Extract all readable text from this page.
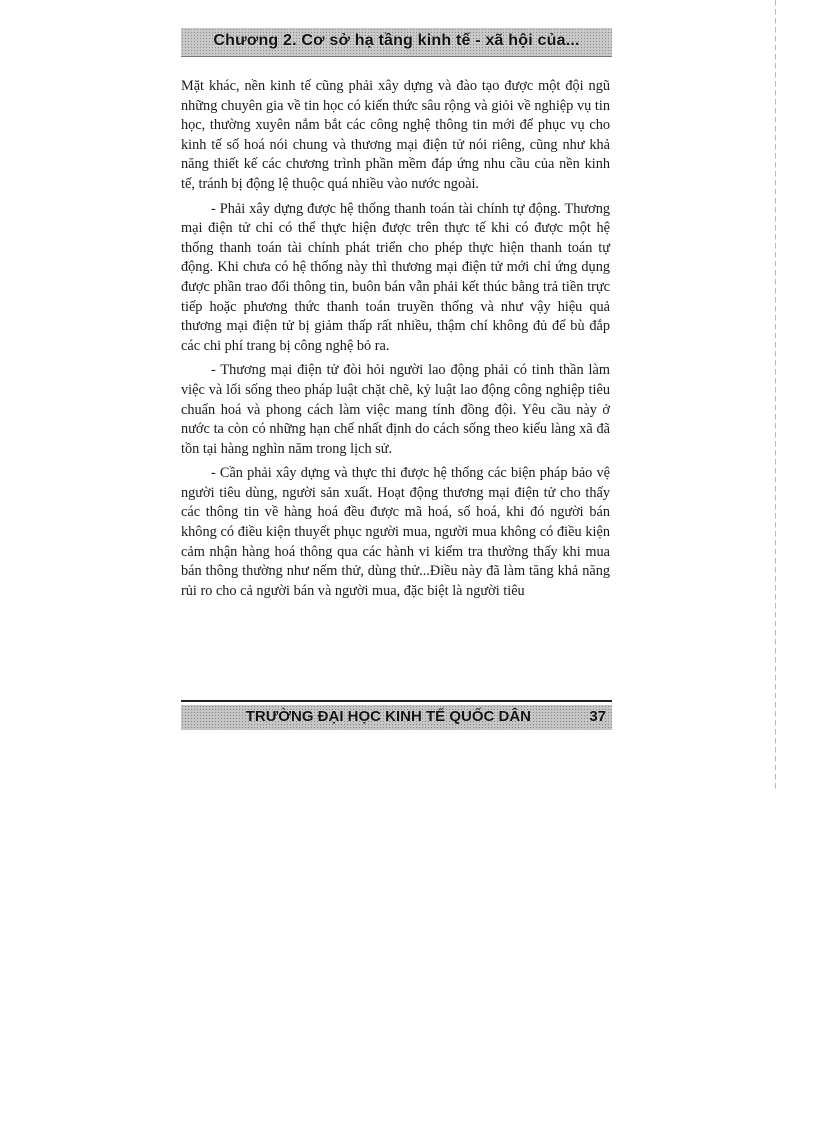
Chương 2. Cơ sở hạ tầng kinh tế - xã hội của...

Mặt khác, nền kinh tế cũng phải xây dựng và đào tạo được một đội ngũ những chuyên gia về tin học có kiến thức sâu rộng và giỏi về nghiệp vụ tin học, thường xuyên nắm bắt các công nghệ thông tin mới để phục vụ cho kinh tế số hoá nói chung và thương mại điện tử nói riêng, cũng như khả năng thiết kế các chương trình phần mềm đáp ứng nhu cầu của nền kinh tế, tránh bị động lệ thuộc quá nhiều vào nước ngoài.

- Phải xây dựng được hệ thống thanh toán tài chính tự động. Thương mại điện tử chỉ có thể thực hiện được trên thực tế khi có được một hệ thống thanh toán tài chính phát triển cho phép thực hiện thanh toán tự động. Khi chưa có hệ thống này thì thương mại điện tử mới chỉ ứng dụng được phần trao đổi thông tin, buôn bán vẫn phải kết thúc bằng trả tiền trực tiếp hoặc phương thức thanh toán truyền thống và như vậy hiệu quả thương mại điện tử bị giảm thấp rất nhiều, thậm chí không đủ để bù đắp các chi phí trang bị công nghệ bỏ ra.

- Thương mại điện tử đòi hỏi người lao động phải có tinh thần làm việc và lối sống theo pháp luật chặt chẽ, kỷ luật lao động công nghiệp tiêu chuẩn hoá và phong cách làm việc mang tính đồng đội. Yêu cầu này ở nước ta còn có những hạn chế nhất định do cách sống theo kiểu làng xã đã tồn tại hàng nghìn năm trong lịch sử.

- Cần phải xây dựng và thực thi được hệ thống các biện pháp bảo vệ người tiêu dùng, người sản xuất. Hoạt động thương mại điện tử cho thấy các thông tin về hàng hoá đều được mã hoá, số hoá, khi đó người bán không có điều kiện thuyết phục người mua, người mua không có điều kiện cảm nhận hàng hoá thông qua các hành vi kiểm tra thường thấy khi mua bán thông thường như nếm thử, dùng thử...Điều này đã làm tăng khả năng rủi ro cho cả người bán và người mua, đặc biệt là người tiêu

TRƯỜNG ĐẠI HỌC KINH TẾ QUỐC DÂN	37
